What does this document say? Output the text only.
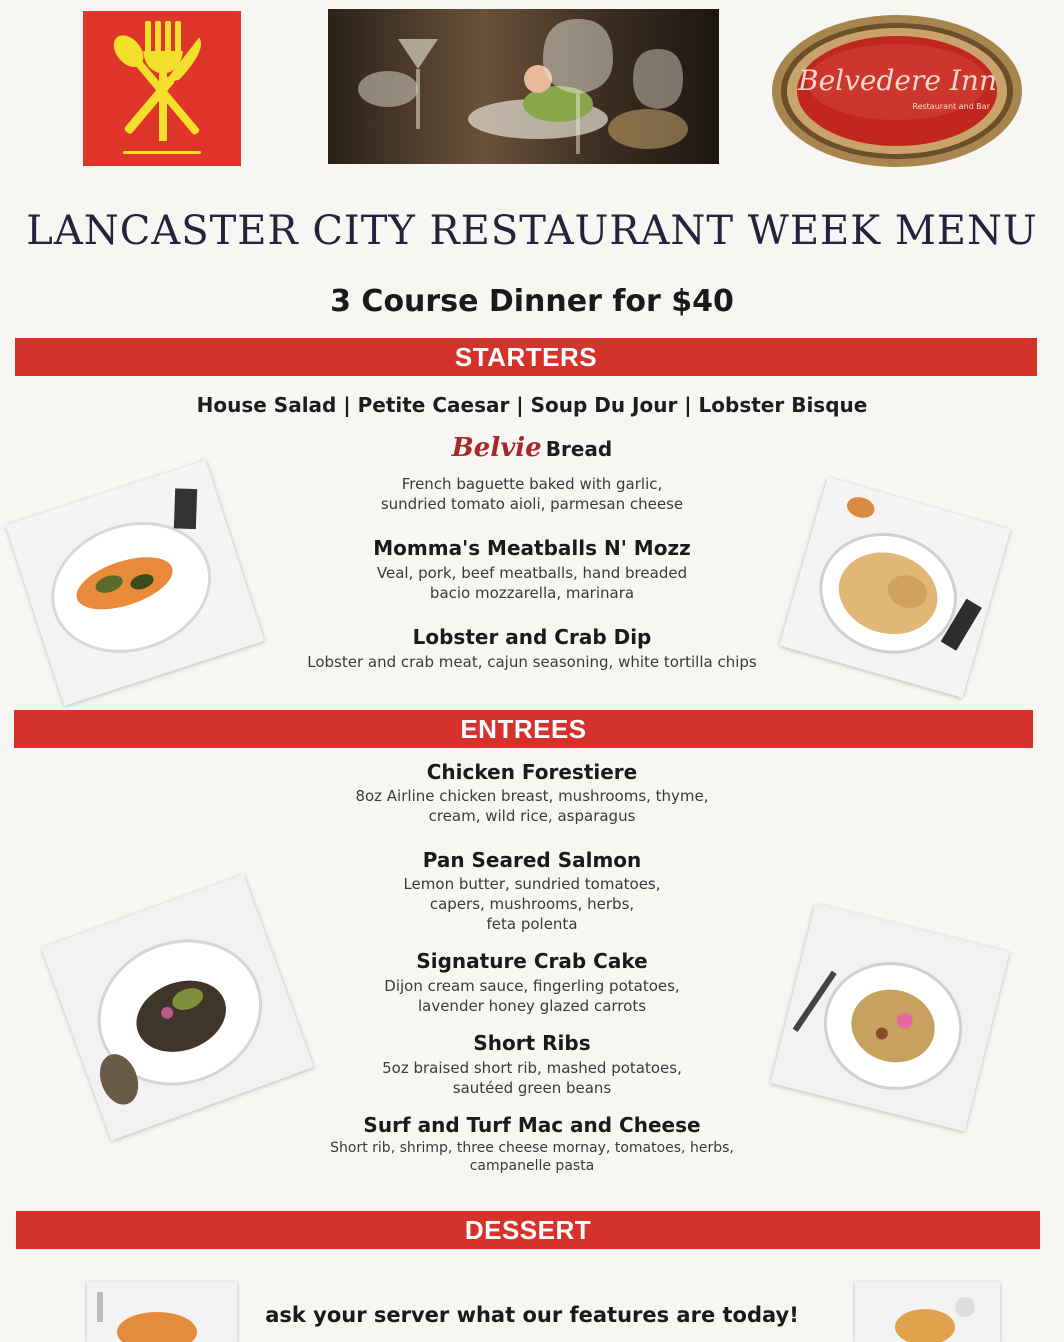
Belvedere Inn
Restaurant and Bar
LANCASTER CITY RESTAURANT WEEK MENU
3 Course Dinner for $40
STARTERS
House Salad | Petite Caesar | Soup Du Jour | Lobster Bisque
Belvie Bread
French baguette baked with garlic,
sundried tomato aioli, parmesan cheese
Momma's Meatballs N' Mozz
Veal, pork, beef meatballs, hand breaded
bacio mozzarella, marinara
Lobster and Crab Dip
Lobster and crab meat, cajun seasoning, white tortilla chips
ENTREES
Chicken Forestiere
8oz Airline chicken breast, mushrooms, thyme,
cream, wild rice, asparagus
Pan Seared Salmon
Lemon butter, sundried tomatoes,
capers, mushrooms, herbs,
feta polenta
Signature Crab Cake
Dijon cream sauce, fingerling potatoes,
lavender honey glazed carrots
Short Ribs
5oz braised short rib, mashed potatoes,
sautéed green beans
Surf and Turf Mac and Cheese
Short rib, shrimp, three cheese mornay, tomatoes, herbs,
campanelle pasta
DESSERT
ask your server what our features are today!
